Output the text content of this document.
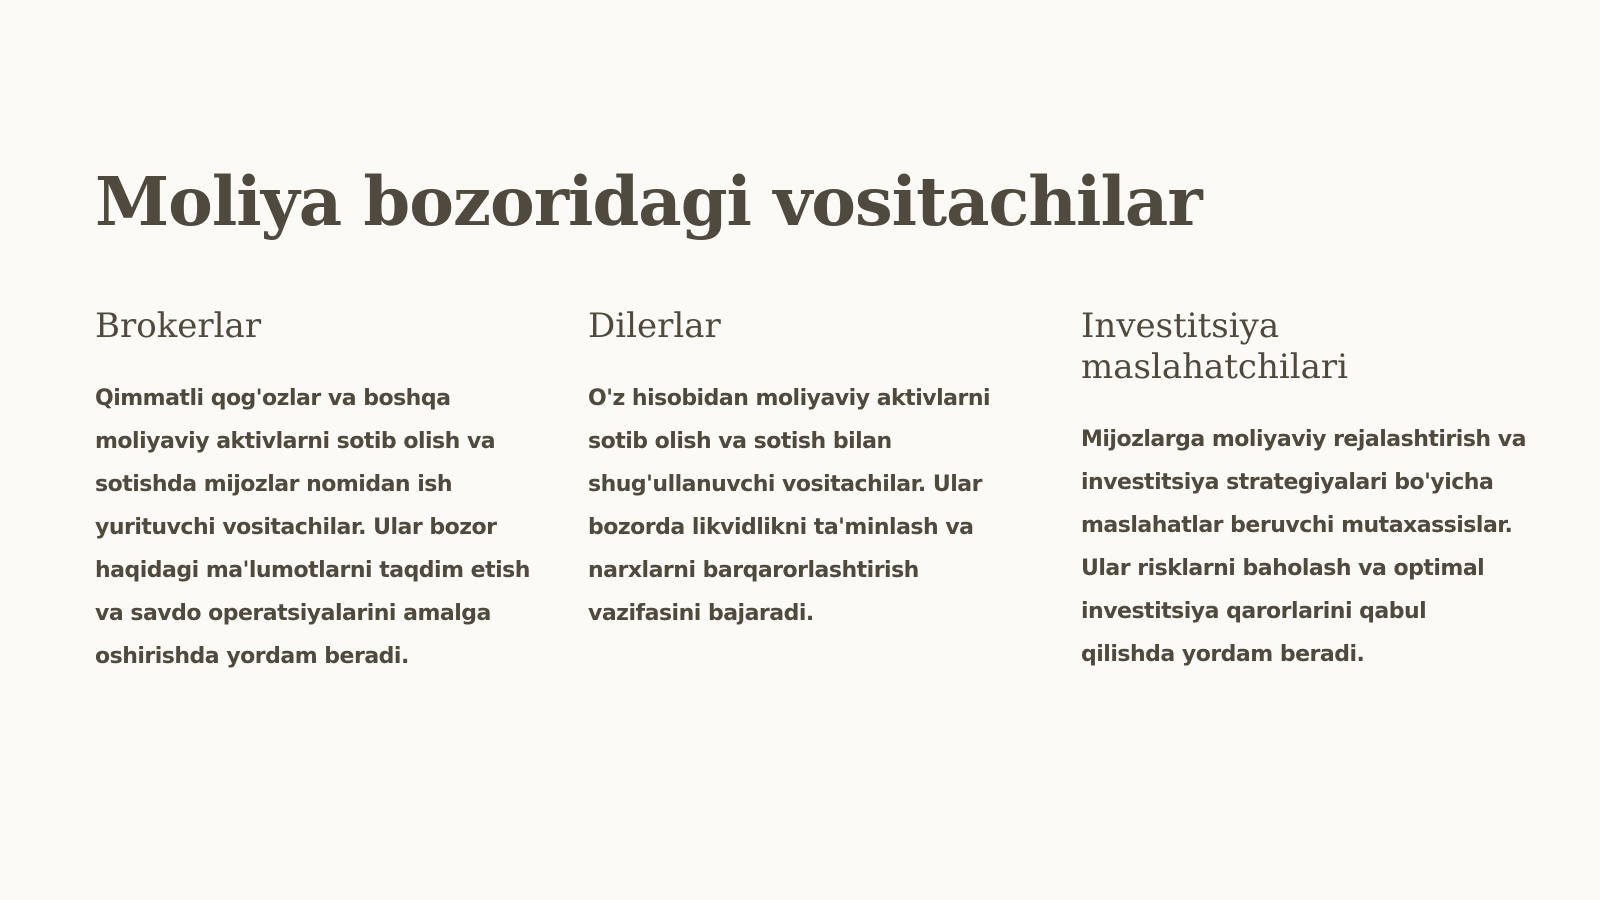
Moliya bozoridagi vositachilar
Brokerlar

Qimmatli qog'ozlar va boshqa moliyaviy aktivlarni sotib olish va sotishda mijozlar nomidan ish yurituvchi vositachilar. Ular bozor haqidagi ma'lumotlarni taqdim etish va savdo operatsiyalarini amalga oshirishda yordam beradi.

Dilerlar

O'z hisobidan moliyaviy aktivlarni sotib olish va sotish bilan shug'ullanuvchi vositachilar. Ular bozorda likvidlikni ta'minlash va narxlarni barqarorlashtirish vazifasini bajaradi.

Investitsiya maslahatchilari

Mijozlarga moliyaviy rejalashtirish va investitsiya strategiyalari bo'yicha maslahatlar beruvchi mutaxassislar. Ular risklarni baholash va optimal investitsiya qarorlarini qabul qilishda yordam beradi.
